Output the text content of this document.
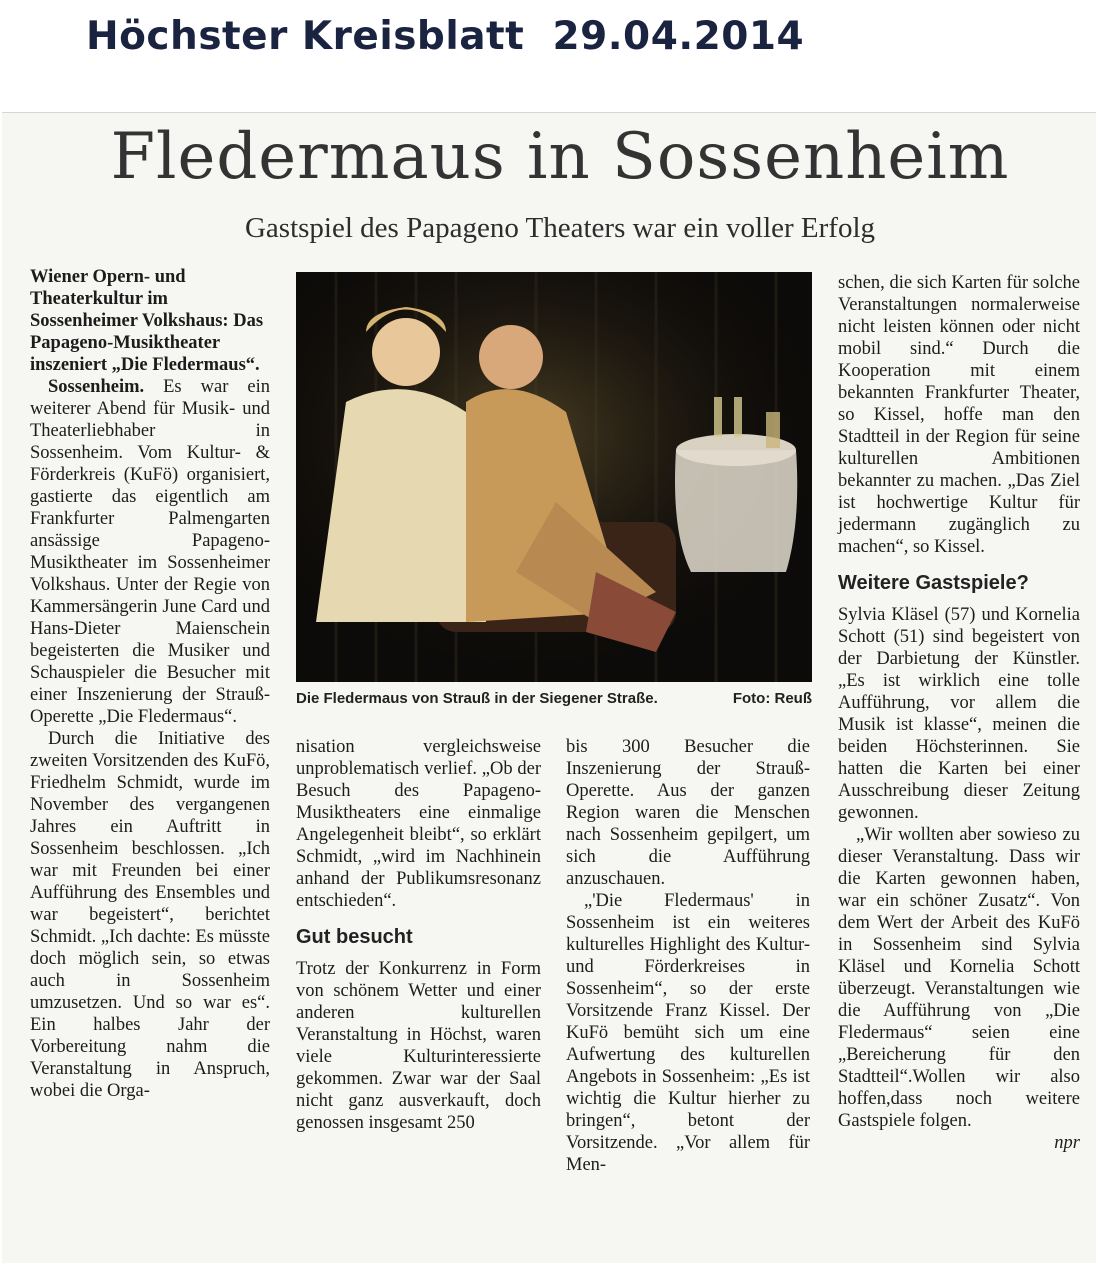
Höchster Kreisblatt  29.04.2014
Fledermaus in Sossenheim
Gastspiel des Papageno Theaters war ein voller Erfolg

Wiener Opern- und Theaterkultur im Sossenheimer Volkshaus: Das Papageno-Musiktheater inszeniert „Die Fledermaus“.

Sossenheim. Es war ein weiterer Abend für Musik- und Theaterliebhaber in Sossenheim. Vom Kultur- & Förderkreis (KuFö) organisiert, gastierte das eigentlich am Frankfurter Palmengarten ansässige Papageno-Musiktheater im Sossenheimer Volkshaus. Unter der Regie von Kammersängerin June Card und Hans-Dieter Maienschein begeisterten die Musiker und Schauspieler die Besucher mit einer Inszenierung der Strauß-Operette „Die Fledermaus“.

Durch die Initiative des zweiten Vorsitzenden des KuFö, Friedhelm Schmidt, wurde im November des vergangenen Jahres ein Auftritt in Sossenheim beschlossen. „Ich war mit Freunden bei einer Aufführung des Ensembles und war begeistert“, berichtet Schmidt. „Ich dachte: Es müsste doch möglich sein, so etwas auch in Sossenheim umzusetzen. Und so war es“. Ein halbes Jahr der Vorbereitung nahm die Veranstaltung in Anspruch, wobei die Orga-

Die Fledermaus von Strauß in der Siegener Straße.	Foto: Reuß

nisation vergleichsweise unproblematisch verlief. „Ob der Besuch des Papageno-Musiktheaters eine einmalige Angelegenheit bleibt“, so erklärt Schmidt, „wird im Nachhinein anhand der Publikumsresonanz entschieden“.

Gut besucht

Trotz der Konkurrenz in Form von schönem Wetter und einer anderen kulturellen Veranstaltung in Höchst, waren viele Kulturinteressierte gekommen. Zwar war der Saal nicht ganz ausverkauft, doch genossen insgesamt 250

bis 300 Besucher die Inszenierung der Strauß-Operette. Aus der ganzen Region waren die Menschen nach Sossenheim gepilgert, um sich die Aufführung anzuschauen.

„'Die Fledermaus' in Sossenheim ist ein weiteres kulturelles Highlight des Kultur- und Förderkreises in Sossenheim“, so der erste Vorsitzende Franz Kissel. Der KuFö bemüht sich um eine Aufwertung des kulturellen Angebots in Sossenheim: „Es ist wichtig die Kultur hierher zu bringen“, betont der Vorsitzende. „Vor allem für Men-

schen, die sich Karten für solche Veranstaltungen normalerweise nicht leisten können oder nicht mobil sind.“ Durch die Kooperation mit einem bekannten Frankfurter Theater, so Kissel, hoffe man den Stadtteil in der Region für seine kulturellen Ambitionen bekannter zu machen. „Das Ziel ist hochwertige Kultur für jedermann zugänglich zu machen“, so Kissel.

Weitere Gastspiele?

Sylvia Kläsel (57) und Kornelia Schott (51) sind begeistert von der Darbietung der Künstler. „Es ist wirklich eine tolle Aufführung, vor allem die Musik ist klasse“, meinen die beiden Höchsterinnen. Sie hatten die Karten bei einer Ausschreibung dieser Zeitung gewonnen.

„Wir wollten aber sowieso zu dieser Veranstaltung. Dass wir die Karten gewonnen haben, war ein schöner Zusatz“. Von dem Wert der Arbeit des KuFö in Sossenheim sind Sylvia Kläsel und Kornelia Schott überzeugt. Veranstaltungen wie die Aufführung von „Die Fledermaus“ seien eine „Bereicherung für den Stadtteil“.Wollen wir also hoffen,dass noch weitere Gastspiele folgen.

npr
